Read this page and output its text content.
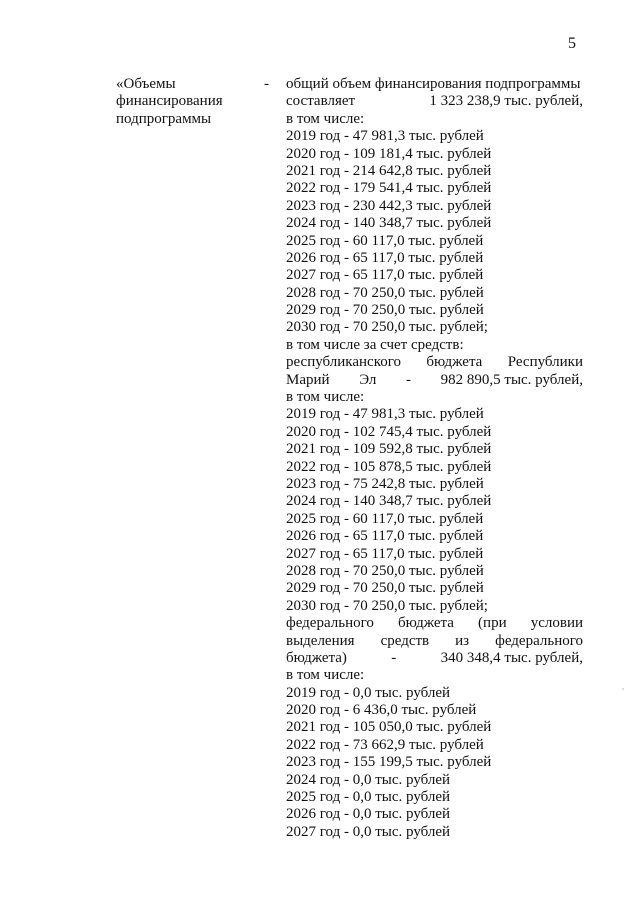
5
«Объемы
финансирования
подпрограммы
- общий объем финансирования подпрограммы
составляет	1 323 238,9 тыс. рублей,
в том числе:
2019 год - 47 981,3 тыс. рублей
2020 год - 109 181,4 тыс. рублей
2021 год - 214 642,8 тыс. рублей
2022 год - 179 541,4 тыс. рублей
2023 год - 230 442,3 тыс. рублей
2024 год - 140 348,7 тыс. рублей
2025 год - 60 117,0 тыс. рублей
2026 год - 65 117,0 тыс. рублей
2027 год - 65 117,0 тыс. рублей
2028 год - 70 250,0 тыс. рублей
2029 год - 70 250,0 тыс. рублей
2030 год - 70 250,0 тыс. рублей;
в том числе за счет средств:
республиканского бюджета Республики
Марий Эл - 982 890,5 тыс. рублей,
в том числе:
2019 год - 47 981,3 тыс. рублей
2020 год - 102 745,4 тыс. рублей
2021 год - 109 592,8 тыс. рублей
2022 год - 105 878,5 тыс. рублей
2023 год - 75 242,8 тыс. рублей
2024 год - 140 348,7 тыс. рублей
2025 год - 60 117,0 тыс. рублей
2026 год - 65 117,0 тыс. рублей
2027 год - 65 117,0 тыс. рублей
2028 год - 70 250,0 тыс. рублей
2029 год - 70 250,0 тыс. рублей
2030 год - 70 250,0 тыс. рублей;
федерального бюджета (при условии
выделения средств из федерального
бюджета)	-	340 348,4 тыс. рублей,
в том числе:
2019 год - 0,0 тыс. рублей
2020 год - 6 436,0 тыс. рублей
2021 год - 105 050,0 тыс. рублей
2022 год - 73 662,9 тыс. рублей
2023 год - 155 199,5 тыс. рублей
2024 год - 0,0 тыс. рублей
2025 год - 0,0 тыс. рублей
2026 год - 0,0 тыс. рублей
2027 год - 0,0 тыс. рублей
